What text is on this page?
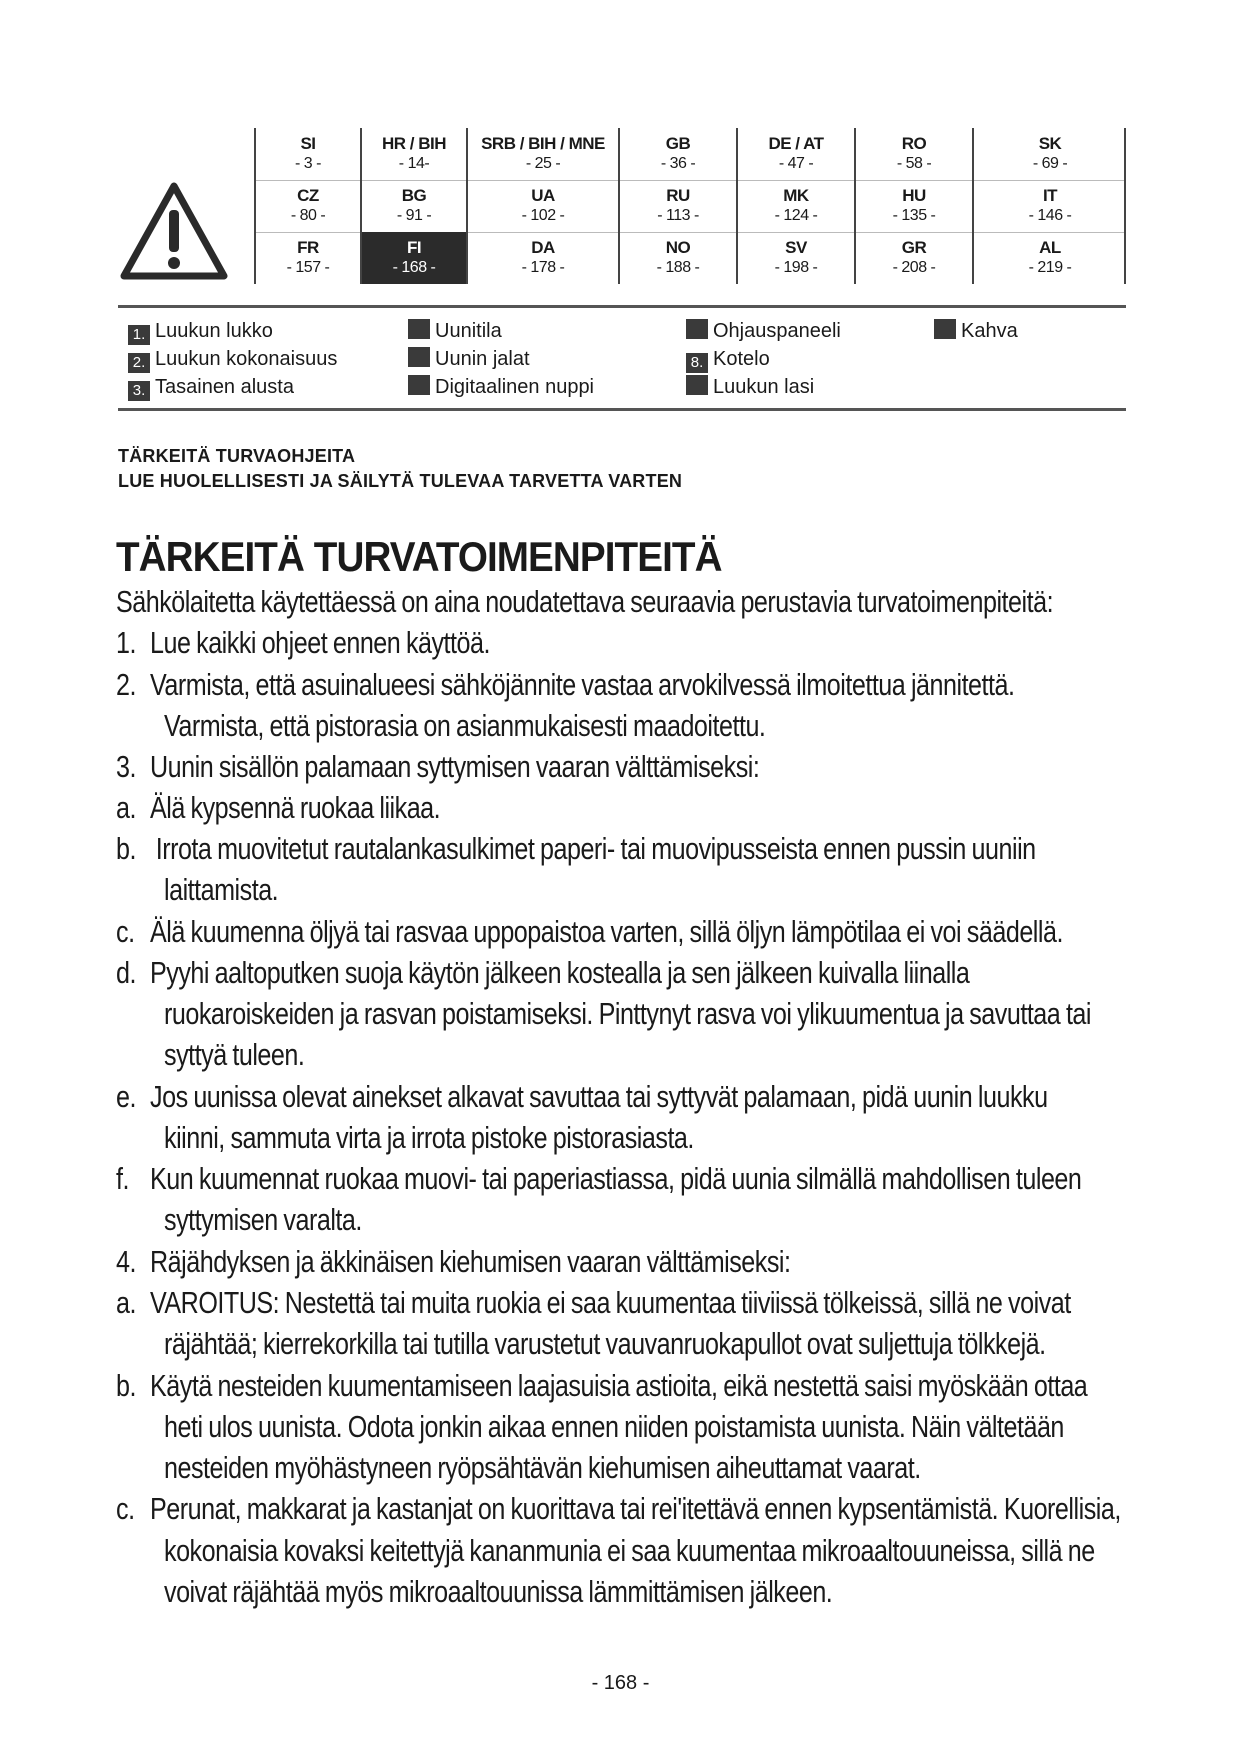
SI
- 3 -
HR / BIH
- 14-
SRB / BIH / MNE
- 25 -
GB
- 36 -
DE / AT
- 47 -
RO
- 58 -
SK
- 69 -
CZ
- 80 -
BG
- 91 -
UA
- 102 -
RU
- 113 -
MK
- 124 -
HU
- 135 -
IT
- 146 -
FR
- 157 -
FI
- 168 -
DA
- 178 -
NO
- 188 -
SV
- 198 -
GR
- 208 -
AL
- 219 -
1. Luukun lukko
2. Luukun kokonaisuus
3. Tasainen alusta
Uunitila
Uunin jalat
Digitaalinen nuppi
Ohjauspaneeli
8. Kotelo
Luukun lasi
Kahva
TÄRKEITÄ TURVAOHJEITA
LUE HUOLELLISESTI JA SÄILYTÄ TULEVAA TARVETTA VARTEN
TÄRKEITÄ TURVATOIMENPITEITÄ
Sähkölaitetta käytettäessä on aina noudatettava seuraavia perustavia turvatoimenpiteitä:
1. Lue kaikki ohjeet ennen käyttöä.
2. Varmista, että asuinalueesi sähköjännite vastaa arvokilvessä ilmoitettua jännitettä.
Varmista, että pistorasia on asianmukaisesti maadoitettu.
3. Uunin sisällön palamaan syttymisen vaaran välttämiseksi:
a. Älä kypsennä ruokaa liikaa.
b. Irrota muovitetut rautalankasulkimet paperi- tai muovipusseista ennen pussin uuniin
laittamista.
c. Älä kuumenna öljyä tai rasvaa uppopaistoa varten, sillä öljyn lämpötilaa ei voi säädellä.
d. Pyyhi aaltoputken suoja käytön jälkeen kostealla ja sen jälkeen kuivalla liinalla
ruokaroiskeiden ja rasvan poistamiseksi. Pinttynyt rasva voi ylikuumentua ja savuttaa tai
syttyä tuleen.
e. Jos uunissa olevat ainekset alkavat savuttaa tai syttyvät palamaan, pidä uunin luukku
kiinni, sammuta virta ja irrota pistoke pistorasiasta.
f. Kun kuumennat ruokaa muovi- tai paperiastiassa, pidä uunia silmällä mahdollisen tuleen
syttymisen varalta.
4. Räjähdyksen ja äkkinäisen kiehumisen vaaran välttämiseksi:
a. VAROITUS: Nestettä tai muita ruokia ei saa kuumentaa tiiviissä tölkeissä, sillä ne voivat
räjähtää; kierrekorkilla tai tutilla varustetut vauvanruokapullot ovat suljettuja tölkkejä.
b. Käytä nesteiden kuumentamiseen laajasuisia astioita, eikä nestettä saisi myöskään ottaa
heti ulos uunista. Odota jonkin aikaa ennen niiden poistamista uunista. Näin vältetään
nesteiden myöhästyneen ryöpsähtävän kiehumisen aiheuttamat vaarat.
c. Perunat, makkarat ja kastanjat on kuorittava tai rei'itettävä ennen kypsentämistä. Kuorellisia,
kokonaisia kovaksi keitettyjä kananmunia ei saa kuumentaa mikroaaltouuneissa, sillä ne
voivat räjähtää myös mikroaaltouunissa lämmittämisen jälkeen.
- 168 -
